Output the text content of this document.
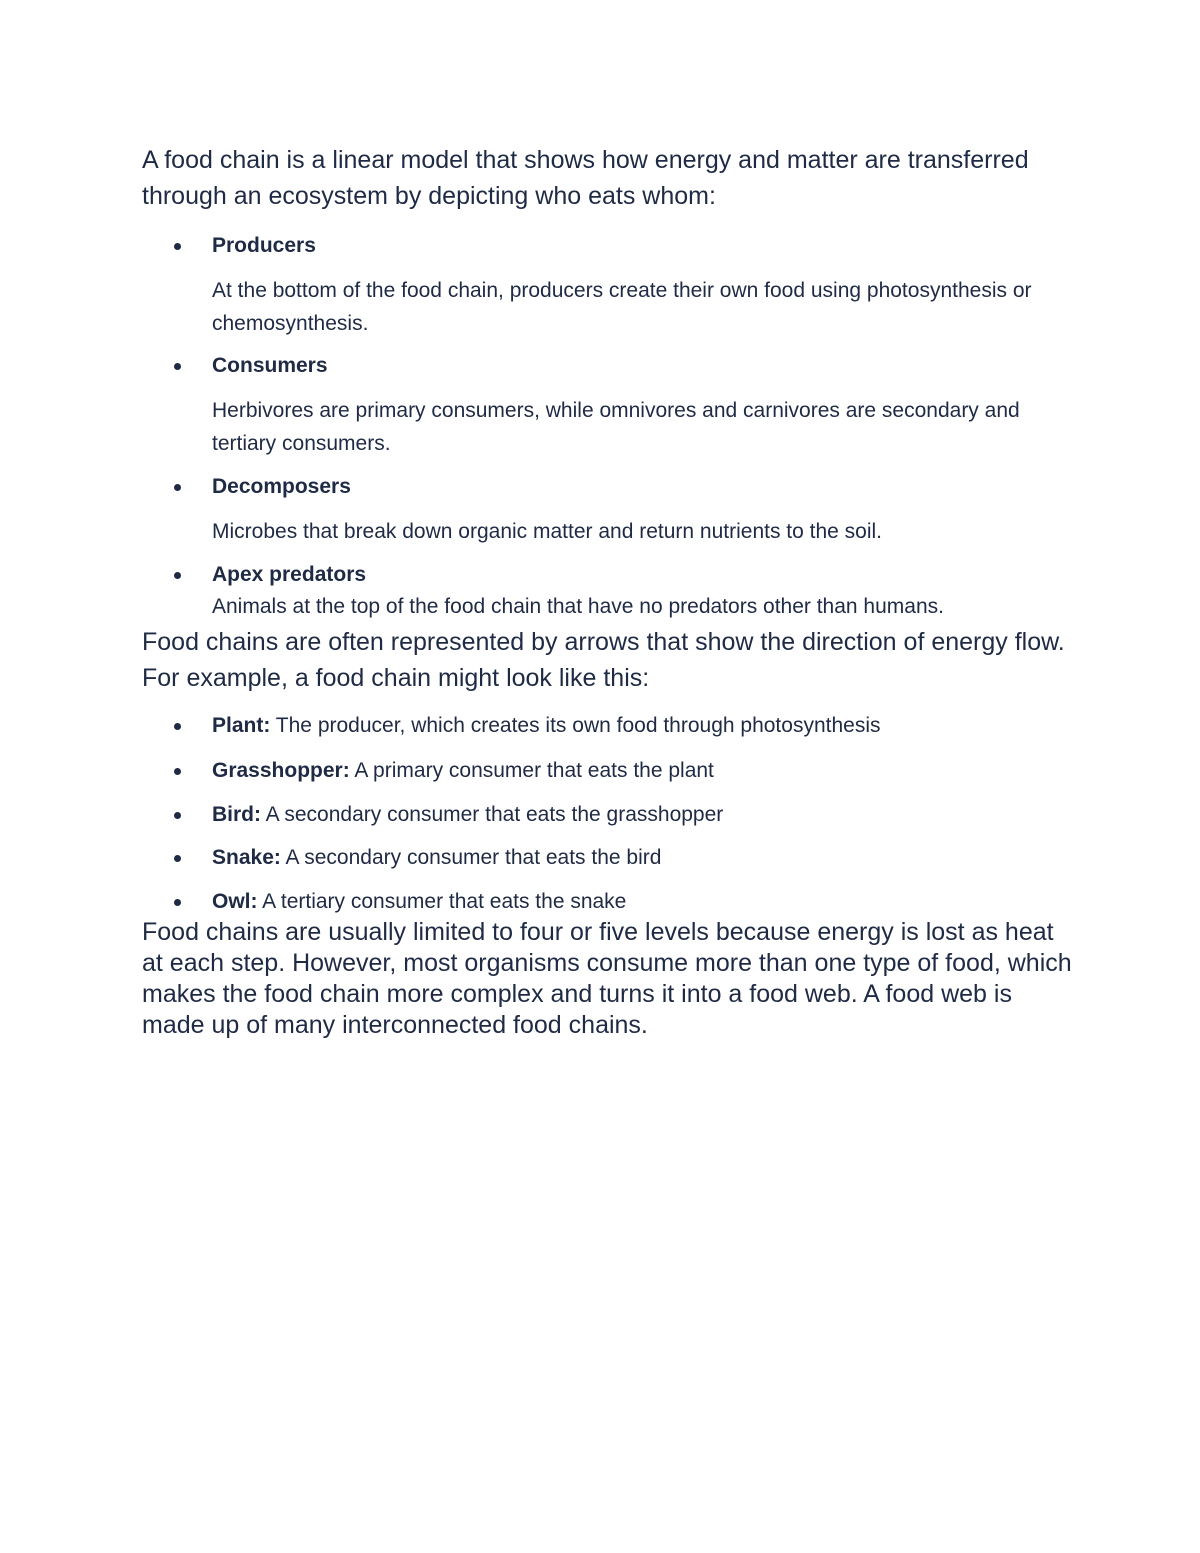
A food chain is a linear model that shows how energy and matter are transferred through an ecosystem by depicting who eats whom:

Producers
At the bottom of the food chain, producers create their own food using photosynthesis or chemosynthesis.
Consumers
Herbivores are primary consumers, while omnivores and carnivores are secondary and tertiary consumers.
Decomposers
Microbes that break down organic matter and return nutrients to the soil.
Apex predators
Animals at the top of the food chain that have no predators other than humans.

Food chains are often represented by arrows that show the direction of energy flow. For example, a food chain might look like this:

Plant: The producer, which creates its own food through photosynthesis
Grasshopper: A primary consumer that eats the plant
Bird: A secondary consumer that eats the grasshopper
Snake: A secondary consumer that eats the bird
Owl: A tertiary consumer that eats the snake

Food chains are usually limited to four or five levels because energy is lost as heat at each step. However, most organisms consume more than one type of food, which makes the food chain more complex and turns it into a food web. A food web is made up of many interconnected food chains.
